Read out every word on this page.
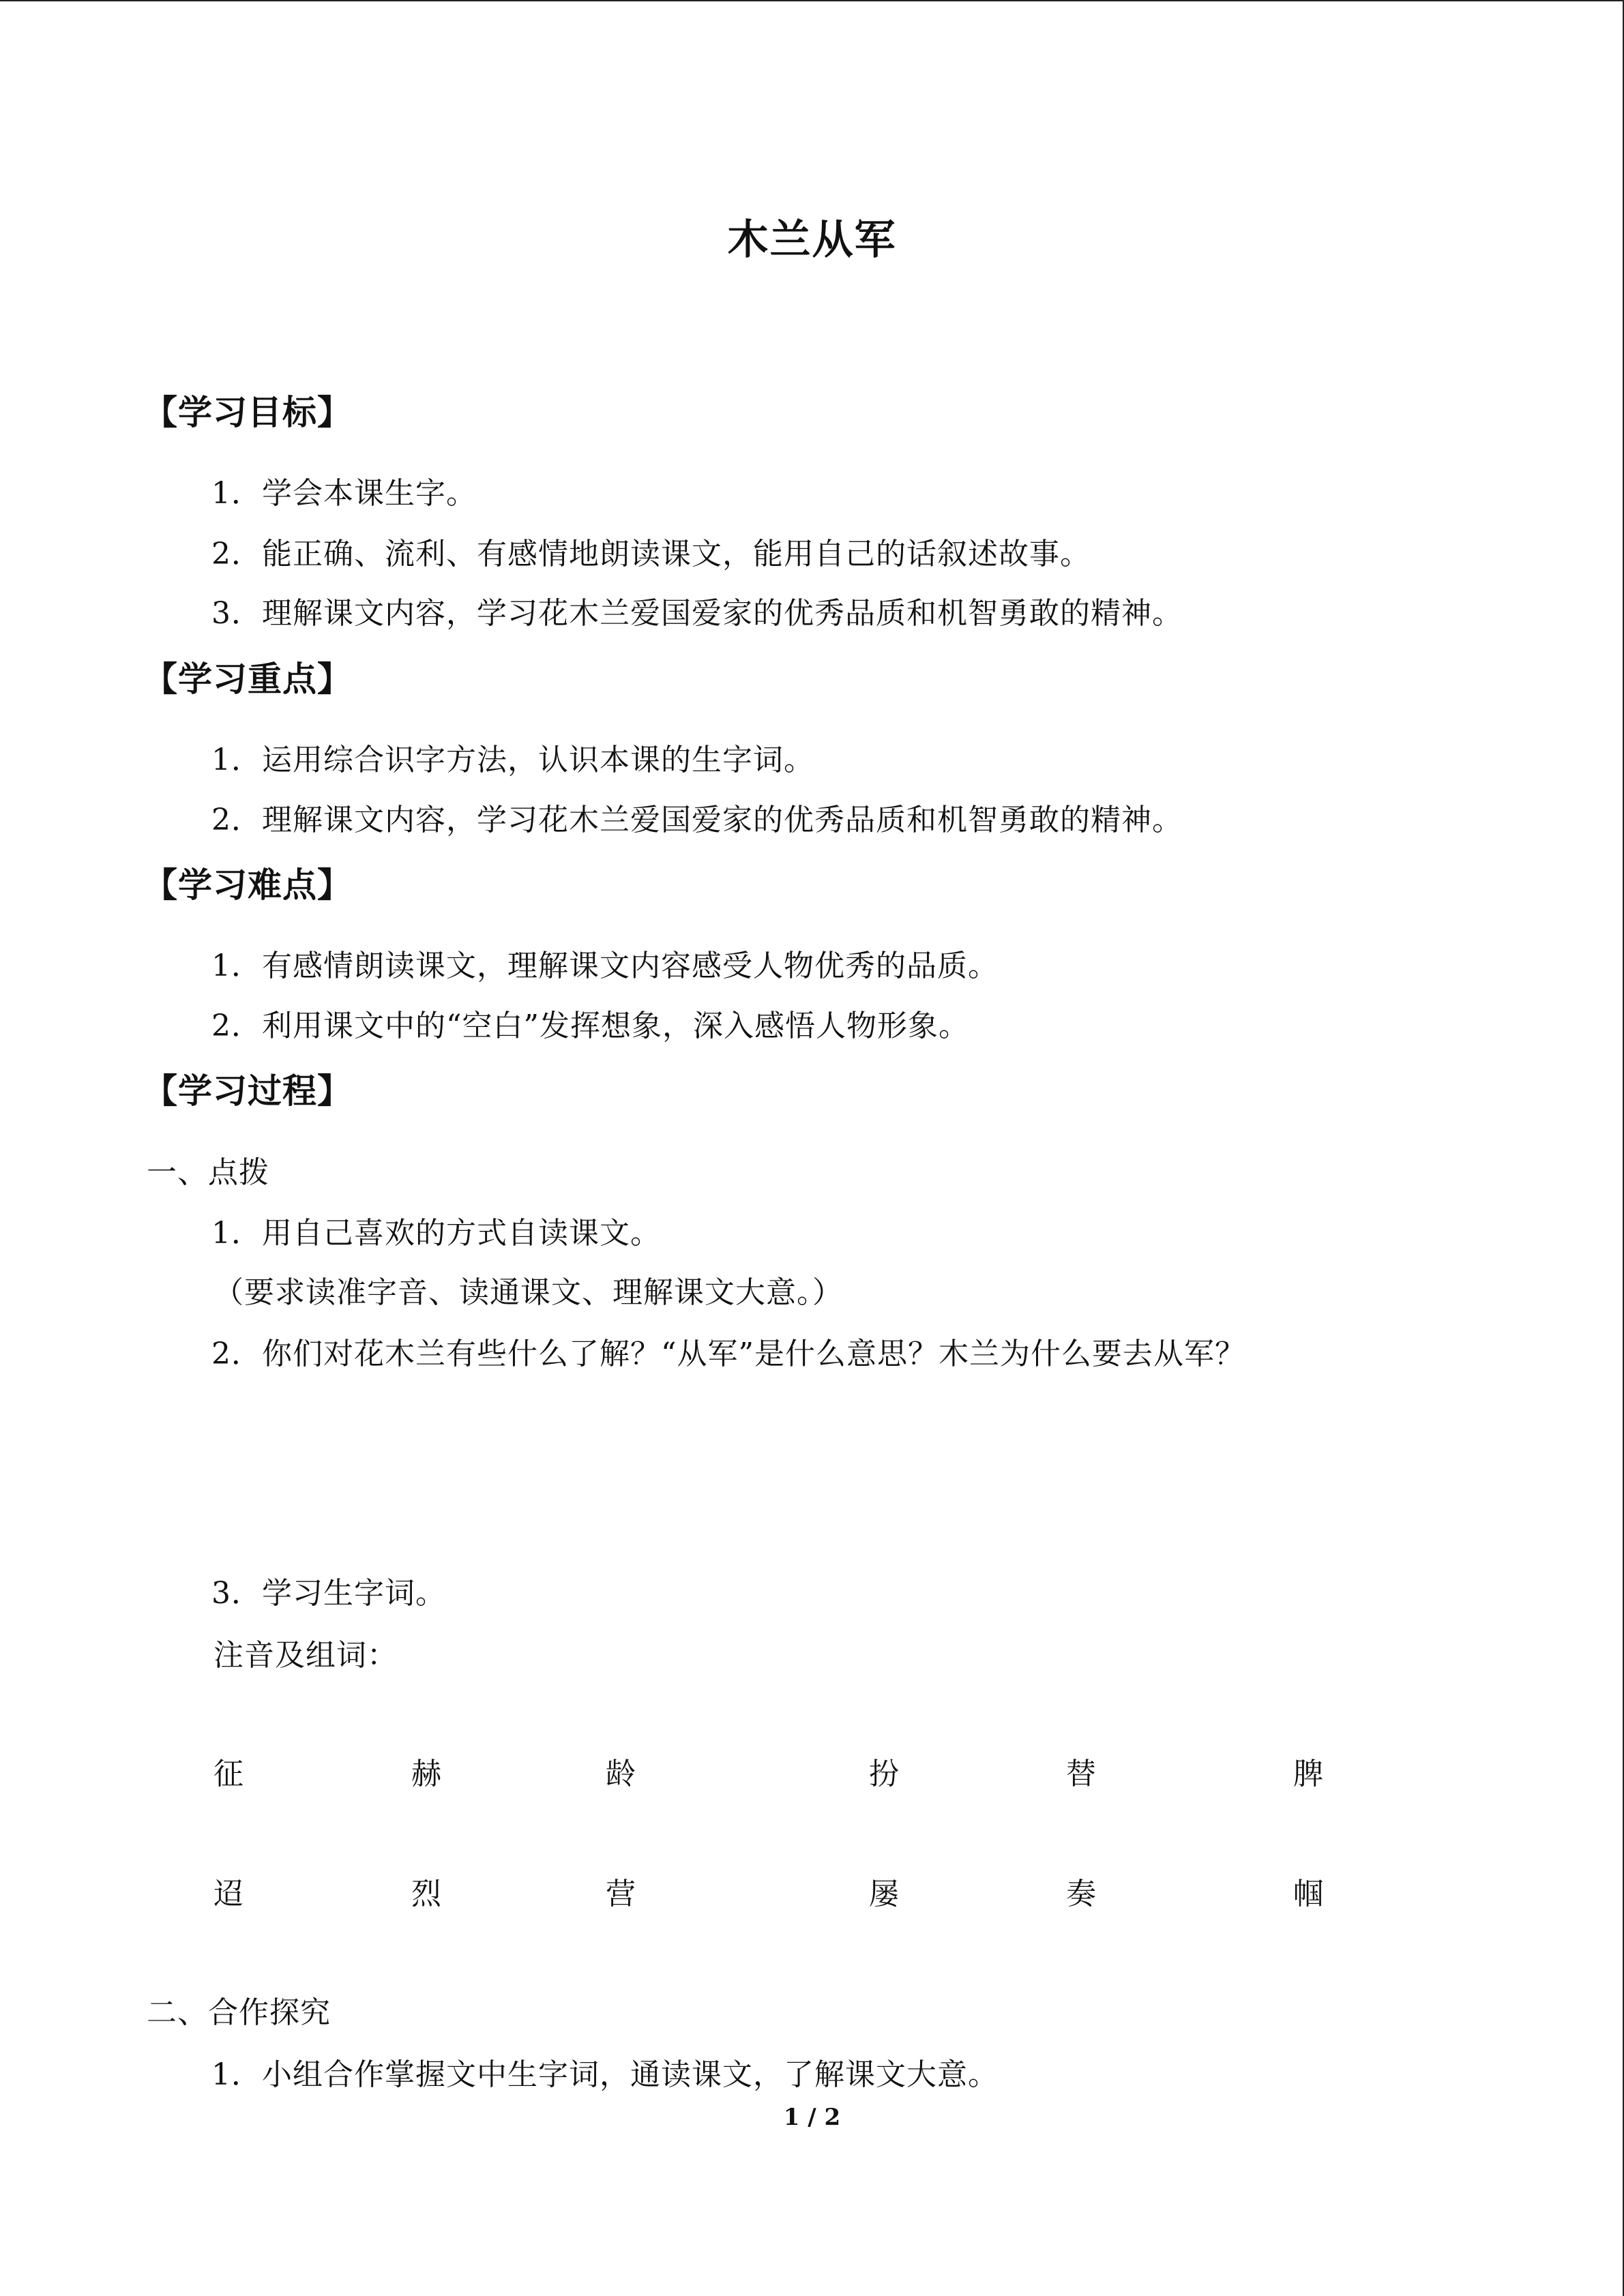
木兰从军
【学习目标】
1．学会本课生字。
2．能正确、流利、有感情地朗读课文，能用自己的话叙述故事。
3．理解课文内容，学习花木兰爱国爱家的优秀品质和机智勇敢的精神。
【学习重点】
1．运用综合识字方法，认识本课的生字词。
2．理解课文内容，学习花木兰爱国爱家的优秀品质和机智勇敢的精神。
【学习难点】
1．有感情朗读课文，理解课文内容感受人物优秀的品质。
2．利用课文中的“空白”发挥想象，深入感悟人物形象。
【学习过程】
一、点拨
1．用自己喜欢的方式自读课文。
（要求读准字音、读通课文、理解课文大意。）
2．你们对花木兰有些什么了解？“从军”是什么意思？木兰为什么要去从军？
3．学习生字词。
注音及组词：
征	赫	龄	扮	替	脾
迢	烈	营	屡	奏	帼
二、合作探究
1．小组合作掌握文中生字词，通读课文，了解课文大意。
1 / 2
